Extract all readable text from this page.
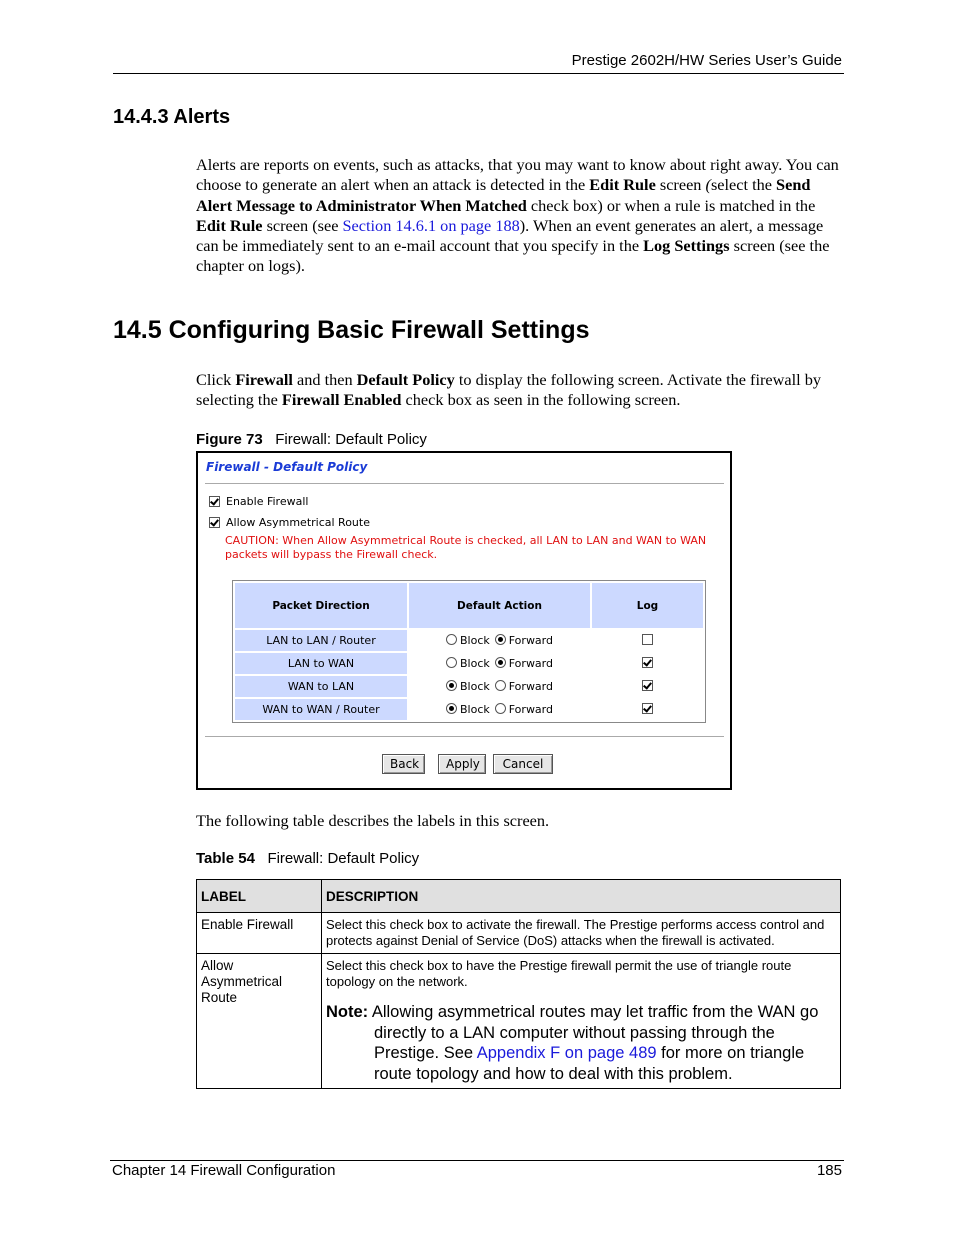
Prestige 2602H/HW Series User’s Guide
14.4.3 Alerts
Alerts are reports on events, such as attacks, that you may want to know about right away. You can choose to generate an alert when an attack is detected in the Edit Rule screen (select the Send Alert Message to Administrator When Matched check box) or when a rule is matched in the Edit Rule screen (see Section 14.6.1 on page 188). When an event generates an alert, a message can be immediately sent to an e-mail account that you specify in the Log Settings screen (see the chapter on logs).
14.5 Configuring Basic Firewall Settings
Click Firewall and then Default Policy to display the following screen. Activate the firewall by selecting the Firewall Enabled check box as seen in the following screen.
Figure 73 Firewall: Default Policy
Firewall - Default Policy
Enable Firewall
Allow Asymmetrical Route
CAUTION: When Allow Asymmetrical Route is checked, all LAN to LAN and WAN to WAN packets will bypass the Firewall check.
Packet Direction	Default Action	Log
LAN to LAN / Router	Block Forward	
LAN to WAN	Block Forward	
WAN to LAN	Block Forward	
WAN to WAN / Router	Block Forward	
Back	Apply	Cancel
The following table describes the labels in this screen.
Table 54 Firewall: Default Policy
LABEL	DESCRIPTION
Enable Firewall	Select this check box to activate the firewall. The Prestige performs access control and protects against Denial of Service (DoS) attacks when the firewall is activated.

Allow Asymmetrical Route	Select this check box to have the Prestige firewall permit the use of triangle route topology on the network.
Note: Allowing asymmetrical routes may let traffic from the WAN go directly to a LAN computer without passing through the Prestige. See Appendix F on page 489 for more on triangle route topology and how to deal with this problem.
Chapter 14 Firewall Configuration	185
